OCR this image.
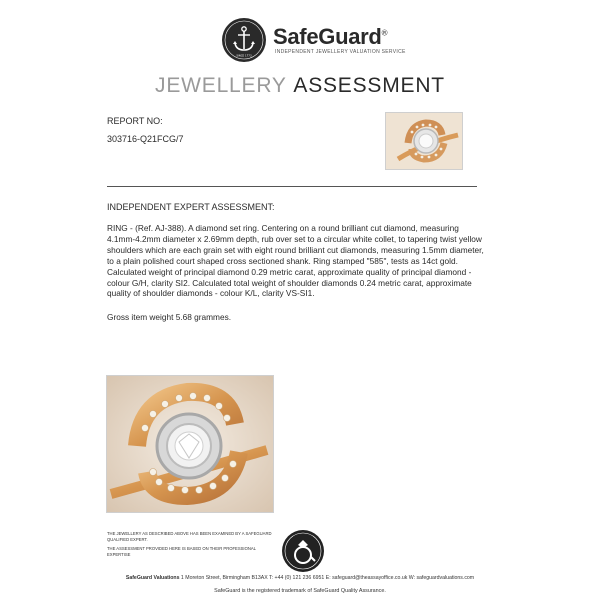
SINCE 1773
SafeGuard®
INDEPENDENT JEWELLERY VALUATION SERVICE
JEWELLERY ASSESSMENT
REPORT NO:
303716-Q21FCG/7
INDEPENDENT EXPERT ASSESSMENT:

RING - (Ref. AJ-388). A diamond set ring. Centering on a round brilliant cut diamond, measuring 4.1mm-4.2mm diameter x 2.69mm depth, rub over set to a circular white collet, to tapering twist yellow shoulders which are each grain set with eight round brilliant cut diamonds, measuring 1.5mm diameter, to a plain polished court shaped cross sectioned shank. Ring stamped "585", tests as 14ct gold. Calculated weight of principal diamond 0.29 metric carat, approximate quality of principal diamond - colour G/H, clarity SI2. Calculated total weight of shoulder diamonds 0.24 metric carat, approximate quality of shoulder diamonds - colour K/L, clarity VS-SI1.

Gross item weight 5.68 grammes.
THE JEWELLERY AS DESCRIBED ABOVE HAS BEEN EXAMINED BY A SAFEGUARD QUALIFIED EXPERT.
THE ASSESSMENT PROVIDED HERE IS BASED ON THEIR PROFESSIONAL EXPERTISE
SafeGuard Valuations 1 Moreton Street, Birmingham B13AX T: +44 (0) 121 236 6951 E: safeguard@theassayoffice.co.uk W: safeguardvaluations.com
SafeGuard is the registered trademark of SafeGuard Quality Assurance.
